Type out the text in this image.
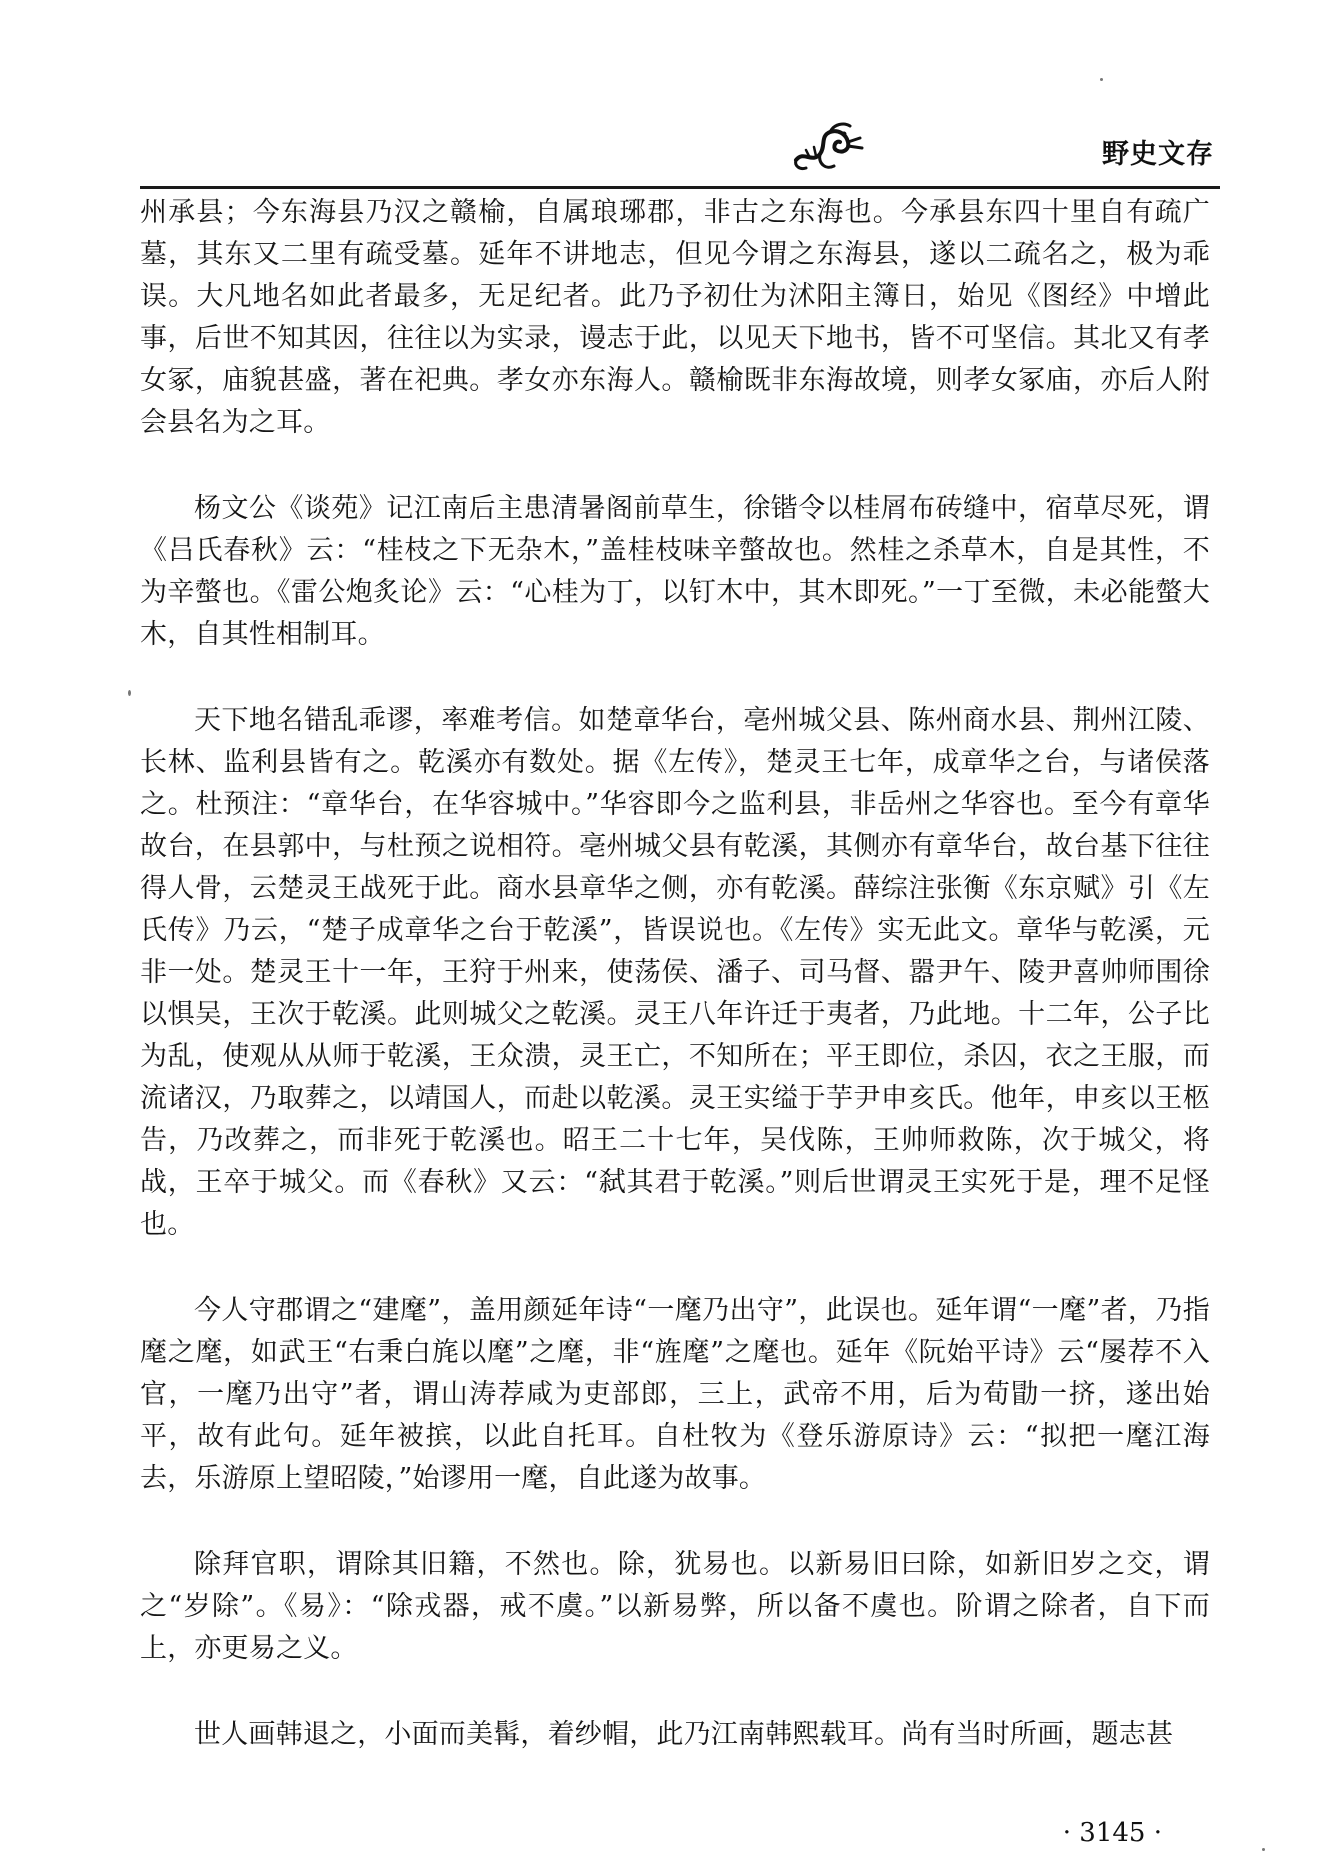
野史文存

州承县；今东海县乃汉之赣榆，自属琅琊郡，非古之东海也。今承县东四十里自有疏广墓，其东又二里有疏受墓。延年不讲地志，但见今谓之东海县，遂以二疏名之，极为乖误。大凡地名如此者最多，无足纪者。此乃予初仕为沭阳主簿日，始见《图经》中增此事，后世不知其因，往往以为实录，谩志于此，以见天下地书，皆不可坚信。其北又有孝女冢，庙貌甚盛，著在祀典。孝女亦东海人。赣榆既非东海故境，则孝女冢庙，亦后人附会县名为之耳。

杨文公《谈苑》记江南后主患清暑阁前草生，徐锴令以桂屑布砖缝中，宿草尽死，谓《吕氏春秋》云：“桂枝之下无杂木，”盖桂枝味辛螫故也。然桂之杀草木，自是其性，不为辛螫也。《雷公炮炙论》云：“心桂为丁，以钉木中，其木即死。”一丁至微，未必能螫大木，自其性相制耳。

天下地名错乱乖谬，率难考信。如楚章华台，亳州城父县、陈州商水县、荆州江陵、长林、监利县皆有之。乾溪亦有数处。据《左传》，楚灵王七年，成章华之台，与诸侯落之。杜预注：“章华台，在华容城中。”华容即今之监利县，非岳州之华容也。至今有章华故台，在县郭中，与杜预之说相符。亳州城父县有乾溪，其侧亦有章华台，故台基下往往得人骨，云楚灵王战死于此。商水县章华之侧，亦有乾溪。薛综注张衡《东京赋》引《左氏传》乃云，“楚子成章华之台于乾溪”，皆误说也。《左传》实无此文。章华与乾溪，元非一处。楚灵王十一年，王狩于州来，使荡侯、潘子、司马督、嚣尹午、陵尹喜帅师围徐以惧吴，王次于乾溪。此则城父之乾溪。灵王八年许迁于夷者，乃此地。十二年，公子比为乱，使观从从师于乾溪，王众溃，灵王亡，不知所在；平王即位，杀囚，衣之王服，而流诸汉，乃取葬之，以靖国人，而赴以乾溪。灵王实缢于芋尹申亥氏。他年，申亥以王柩告，乃改葬之，而非死于乾溪也。昭王二十七年，吴伐陈，王帅师救陈，次于城父，将战，王卒于城父。而《春秋》又云：“弑其君于乾溪。”则后世谓灵王实死于是，理不足怪也。

今人守郡谓之“建麾”，盖用颜延年诗“一麾乃出守”，此误也。延年谓“一麾”者，乃指麾之麾，如武王“右秉白旄以麾”之麾，非“旌麾”之麾也。延年《阮始平诗》云“屡荐不入官，一麾乃出守”者，谓山涛荐咸为吏部郎，三上，武帝不用，后为荀勖一挤，遂出始平，故有此句。延年被摈，以此自托耳。自杜牧为《登乐游原诗》云：“拟把一麾江海去，乐游原上望昭陵，”始谬用一麾，自此遂为故事。

除拜官职，谓除其旧籍，不然也。除，犹易也。以新易旧曰除，如新旧岁之交，谓之“岁除”。《易》：“除戎器，戒不虞。”以新易弊，所以备不虞也。阶谓之除者，自下而上，亦更易之义。

世人画韩退之，小面而美髯，着纱帽，此乃江南韩熙载耳。尚有当时所画，题志甚

· 3145 ·
